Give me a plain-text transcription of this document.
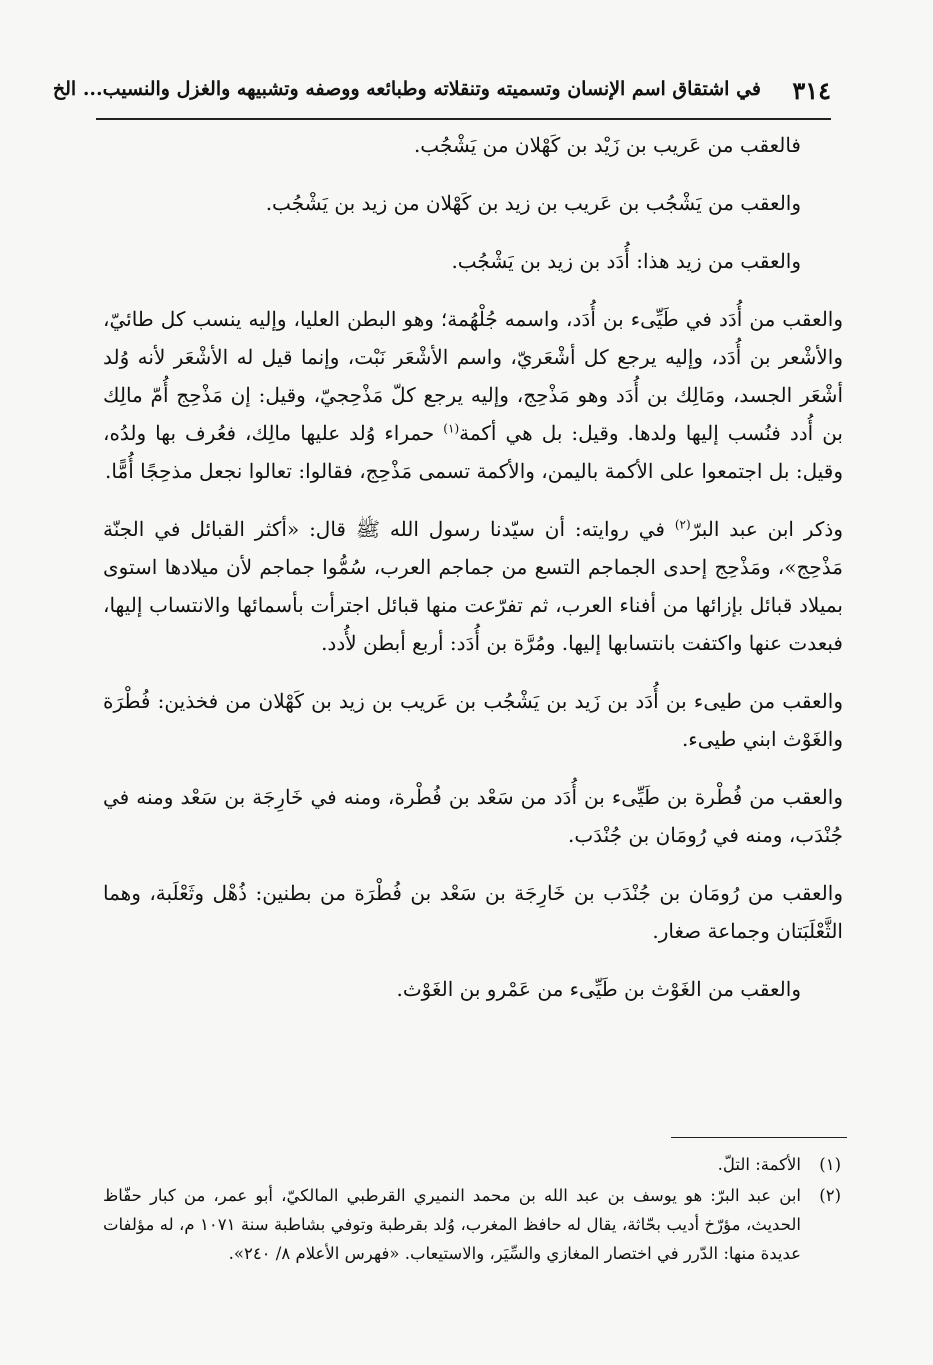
٣١٤
في اشتقاق اسم الإنسان وتسميته وتنقلاته وطبائعه ووصفه وتشبيهه والغزل والنسيب... الخ

فالعقب من عَريب بن زَيْد بن كَهْلان من يَشْجُب.

والعقب من يَشْجُب بن عَريب بن زيد بن كَهْلان من زيد بن يَشْجُب.

والعقب من زيد هذا: أُدَد بن زيد بن يَشْجُب.

والعقب من أُدَد في طَيِّىء بن أُدَد، واسمه جُلْهُمة؛ وهو البطن العليا، وإليه ينسب كل طائيّ، والأشْعر بن أُدَد، وإليه يرجع كل أشْعَريّ، واسم الأشْعَر نَبْت، وإنما قيل له الأشْعَر لأنه وُلد أشْعَر الجسد، ومَالِك بن أُدَد وهو مَذْحِج، وإليه يرجع كلّ مَذْحِجيّ، وقيل: إن مَذْحِج أُمّ مالِك بن أُدد فنُسب إليها ولدها. وقيل: بل هي أكمة$^{(١)}$ حمراء وُلد عليها مالِك، فعُرف بها ولدُه، وقيل: بل اجتمعوا على الأكمة باليمن، والأكمة تسمى مَذْحِج، فقالوا: تعالوا نجعل مذحِجًا أُمًّا.

وذكر ابن عبد البرّ$^{(٢)}$ في روايته: أن سيّدنا رسول الله ﷺ قال: «أكثر القبائل في الجنّة مَذْحِج»، ومَذْحِج إحدى الجماجم التسع من جماجم العرب، سُمُّوا جماجم لأن ميلادها استوى بميلاد قبائل بإزائها من أفناء العرب، ثم تفرّعت منها قبائل اجترأت بأسمائها والانتساب إليها، فبعدت عنها واكتفت بانتسابها إليها. ومُرَّة بن أُدَد: أربع أبطن لأُدد.

والعقب من طيىء بن أُدَد بن زَيد بن يَشْجُب بن عَريب بن زيد بن كَهْلان من فخذين: فُطْرَة والغَوْث ابني طيىء.

والعقب من فُطْرة بن طَيِّىء بن أُدَد من سَعْد بن فُطْرة، ومنه في خَارِجَة بن سَعْد ومنه في جُنْدَب، ومنه في رُومَان بن جُنْدَب.

والعقب من رُومَان بن جُنْدَب بن خَارِجَة بن سَعْد بن فُطْرَة من بطنين: ذُهْل وثَعْلَبة، وهما الثَّعْلَبَتان وجماعة صغار.

والعقب من الغَوْث بن طَيِّىء من عَمْرو بن الغَوْث.

(١)
الأكمة: التلّ.
(٢)
ابن عبد البرّ: هو يوسف بن عبد الله بن محمد النميري القرطبي المالكيّ، أبو عمر، من كبار حفّاظ الحديث، مؤرّخ أديب بحّاثة، يقال له حافظ المغرب، وُلد بقرطبة وتوفي بشاطبة سنة ١٠٧١ م، له مؤلفات عديدة منها: الدّرر في اختصار المغازي والسِّيَر، والاستيعاب. «فهرس الأعلام ٨/ ٢٤٠».
